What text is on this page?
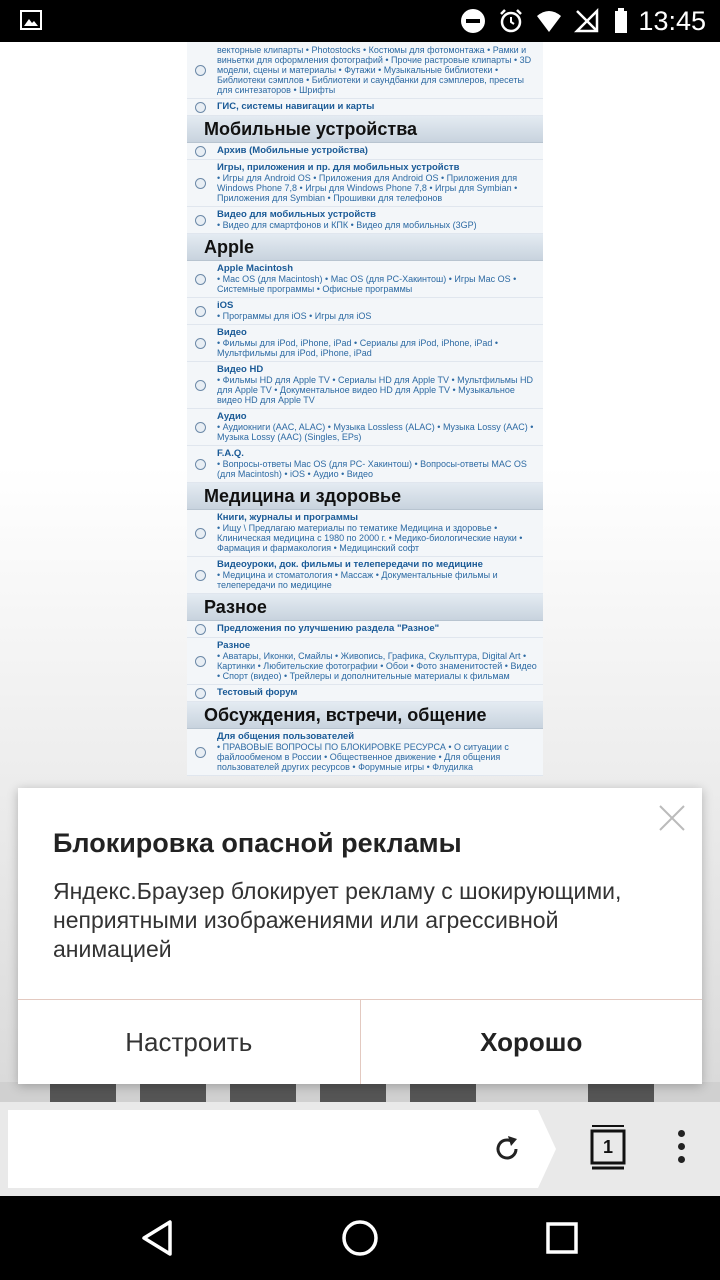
13:45
векторные клипарты • Photostocks • Костюмы для фотомонтажа • Рамки и виньетки для оформления фотографий • Прочие растровые клипарты • 3D модели, сцены и материалы • Футажи • Музыкальные библиотеки • Библиотеки сэмплов • Библиотеки и саундбанки для сэмплеров, пресеты для синтезаторов • Шрифты
ГИС, системы навигации и карты
Мобильные устройства
Архив (Мобильные устройства)
Игры, приложения и пр. для мобильных устройств
• Игры для Android OS • Приложения для Android OS • Приложения для Windows Phone 7,8 • Игры для Windows Phone 7,8 • Игры для Symbian • Приложения для Symbian • Прошивки для телефонов
Видео для мобильных устройств
• Видео для смартфонов и КПК • Видео для мобильных (3GP)
Apple
Apple Macintosh
• Mac OS (для Macintosh) • Mac OS (для PC-Хакинтош) • Игры Mac OS • Системные программы • Офисные программы
iOS
• Программы для iOS • Игры для iOS
Видео
• Фильмы для iPod, iPhone, iPad • Сериалы для iPod, iPhone, iPad • Мультфильмы для iPod, iPhone, iPad
Видео HD
• Фильмы HD для Apple TV • Сериалы HD для Apple TV • Мультфильмы HD для Apple TV • Документальное видео HD для Apple TV • Музыкальное видео HD для Apple TV
Аудио
• Аудиокниги (AAC, ALAC) • Музыка Lossless (ALAC) • Музыка Lossy (AAC) • Музыка Lossy (AAC) (Singles, EPs)
F.A.Q.
• Вопросы-ответы Mac OS (для PC- Хакинтош) • Вопросы-ответы MAC OS (для Macintosh) • iOS • Аудио • Видео
Медицина и здоровье
Книги, журналы и программы
• Ищу \ Предлагаю материалы по тематике Медицина и здоровье • Клиническая медицина с 1980 по 2000 г. • Медико-биологические науки • Фармация и фармакология • Медицинский софт
Видеоуроки, док. фильмы и телепередачи по медицине
• Медицина и стоматология • Массаж • Документальные фильмы и телепередачи по медицине
Разное
Предложения по улучшению раздела "Разное"
Разное
• Аватары, Иконки, Смайлы • Живопись, Графика, Скульптура, Digital Art • Картинки • Любительские фотографии • Обои • Фото знаменитостей • Видео • Спорт (видео) • Трейлеры и дополнительные материалы к фильмам
Тестовый форум
Обсуждения, встречи, общение
Для общения пользователей
• ПРАВОВЫЕ ВОПРОСЫ ПО БЛОКИРОВКЕ РЕСУРСА • О ситуации с файлообменом в России • Общественное движение • Для общения пользователей других ресурсов • Форумные игры • Флудилка
Блокировка опасной рекламы
Яндекс.Браузер блокирует рекламу с шокирующими, неприятными изображениями или агрессивной анимацией
Настроить	Хорошо
1
